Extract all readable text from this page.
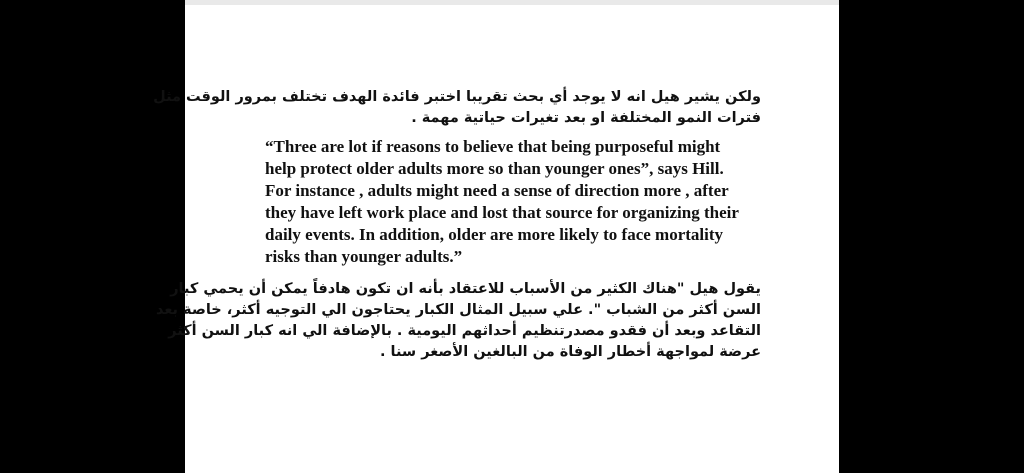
ولكن يشير هيل انه لا يوجد أي بحث تقريبا اختبر فائدة الهدف تختلف بمرور الوقت مثل
فترات النمو المختلفة او بعد تغيرات حياتية مهمة .
“Three are lot if reasons to believe that being purposeful might
help protect older adults more so than younger ones”, says Hill.
For instance , adults might need a sense of direction more , after
they have left work place and lost that source for organizing their
daily events. In addition, older are more likely to face mortality
risks than younger adults.”
يقول هيل "هناك الكثير من الأسباب للاعتقاد بأنه ان تكون هادفاً يمكن أن يحمي كبار
السن أكثر من الشباب ". علي سبيل المثال الكبار يحتاجون الي التوجيه أكثر، خاصة بعد
التقاعد وبعد أن فقدو مصدرتنظيم أحداثهم اليومية . بالإضافة الي انه كبار السن أكثر
عرضة لمواجهة أخطار الوفاة من البالغين الأصغر سنا .
